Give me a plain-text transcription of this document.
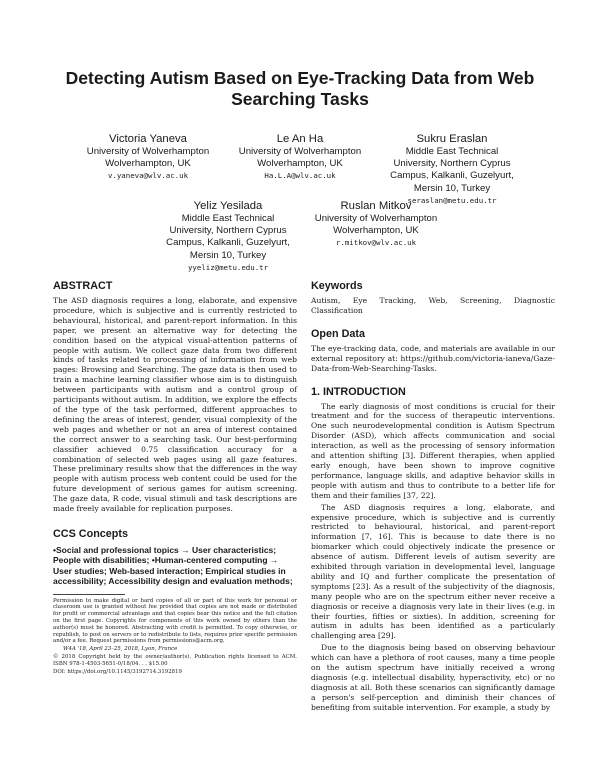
Detecting Autism Based on Eye-Tracking Data from Web Searching Tasks
Victoria Yaneva
University of Wolverhampton
Wolverhampton, UK
v.yaneva@wlv.ac.uk
Le An Ha
University of Wolverhampton
Wolverhampton, UK
Ha.L.A@wlv.ac.uk
Sukru Eraslan
Middle East Technical
University, Northern Cyprus
Campus, Kalkanli, Guzelyurt,
Mersin 10, Turkey
seraslan@metu.edu.tr
Yeliz Yesilada
Middle East Technical
University, Northern Cyprus
Campus, Kalkanli, Guzelyurt,
Mersin 10, Turkey
yyeliz@metu.edu.tr
Ruslan Mitkov
University of Wolverhampton
Wolverhampton, UK
r.mitkov@wlv.ac.uk
ABSTRACT

The ASD diagnosis requires a long, elaborate, and expensive procedure, which is subjective and is currently restricted to behavioural, historical, and parent-report information. In this paper, we present an alternative way for detecting the condition based on the atypical visual-attention patterns of people with autism. We collect gaze data from two different kinds of tasks related to processing of information from web pages: Browsing and Searching. The gaze data is then used to train a machine learning classifier whose aim is to distinguish between participants with autism and a control group of participants without autism. In addition, we explore the effects of the type of the task performed, different approaches to defining the areas of interest, gender, visual complexity of the web pages and whether or not an area of interest contained the correct answer to a searching task. Our best-performing classifier achieved 0.75 classification accuracy for a combination of selected web pages using all gaze features. These preliminary results show that the differences in the way people with autism process web content could be used for the future development of serious games for autism screening. The gaze data, R code, visual stimuli and task descriptions are made freely available for replication purposes.

CCS Concepts

•Social and professional topics → User characteristics; People with disabilities; •Human-centered computing → User studies; Web-based interaction; Empirical studies in accessibility; Accessibility design and evaluation methods;

Permission to make digital or hard copies of all or part of this work for personal or classroom use is granted without fee provided that copies are not made or distributed for profit or commercial advantage and that copies bear this notice and the full citation on the first page. Copyrights for components of this work owned by others than the author(s) must be honored. Abstracting with credit is permitted. To copy otherwise, or republish, to post on servers or to redistribute to lists, requires prior specific permission and/or a fee. Request permissions from permissions@acm.org.

W4A '18, April 23–25, 2018, Lyon, France

© 2018 Copyright held by the owner/author(s). Publication rights licensed to ACM. ISBN 978-1-4503-5651-0/18/04. . . $15.00

DOI: https://doi.org/10.1145/3192714.3192819

Keywords

Autism, Eye Tracking, Web, Screening, Diagnostic Classification

Open Data

The eye-tracking data, code, and materials are available in our external repository at: https://github.com/victoria-ianeva/Gaze-Data-from-Web-Searching-Tasks.

1. INTRODUCTION

The early diagnosis of most conditions is crucial for their treatment and for the success of therapeutic interventions. One such neurodevelopmental condition is Autism Spectrum Disorder (ASD), which affects communication and social interaction, as well as the processing of sensory information and attention shifting [3]. Different therapies, when applied early enough, have been shown to improve cognitive performance, language skills, and adaptive behavior skills in people with autism and thus to contribute to a better life for them and their families [37, 22].

The ASD diagnosis requires a long, elaborate, and expensive procedure, which is subjective and is currently restricted to behavioural, historical, and parent-report information [7, 16]. This is because to date there is no biomarker which could objectively indicate the presence or absence of autism. Different levels of autism severity are exhibited through variation in developmental level, language ability and IQ and further complicate the presentation of symptoms [23]. As a result of the subjectivity of the diagnosis, many people who are on the spectrum either never receive a diagnosis or receive a diagnosis very late in their lives (e.g. in their fourties, fifties or sixties). In addition, screening for autism in adults has been identified as a particularly challenging area [29].

Due to the diagnosis being based on observing behaviour which can have a plethora of root causes, many a time people on the autism spectrum have initially received a wrong diagnosis (e.g. intellectual disability, hyperactivity, etc) or no diagnosis at all. Both these scenarios can significantly damage a person's self-perception and diminish their chances of benefiting from suitable intervention. For example, a study by
